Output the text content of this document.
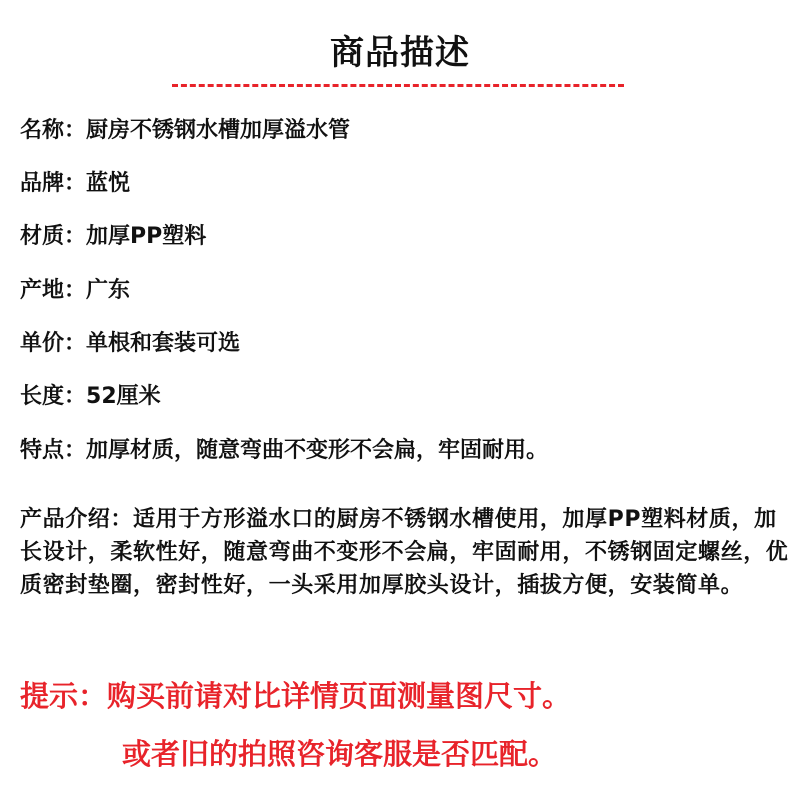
商品描述
名称：厨房不锈钢水槽加厚溢水管
品牌：蓝悦
材质：加厚PP塑料
产地：广东
单价：单根和套装可选
长度：52厘米
特点：加厚材质，随意弯曲不变形不会扁，牢固耐用。
产品介绍：适用于方形溢水口的厨房不锈钢水槽使用，加厚PP塑料材质，加长设计，柔软性好，随意弯曲不变形不会扁，牢固耐用，不锈钢固定螺丝，优质密封垫圈，密封性好，一头采用加厚胶头设计，插拔方便，安装简单。
提示：购买前请对比详情页面测量图尺寸。
或者旧的拍照咨询客服是否匹配。
